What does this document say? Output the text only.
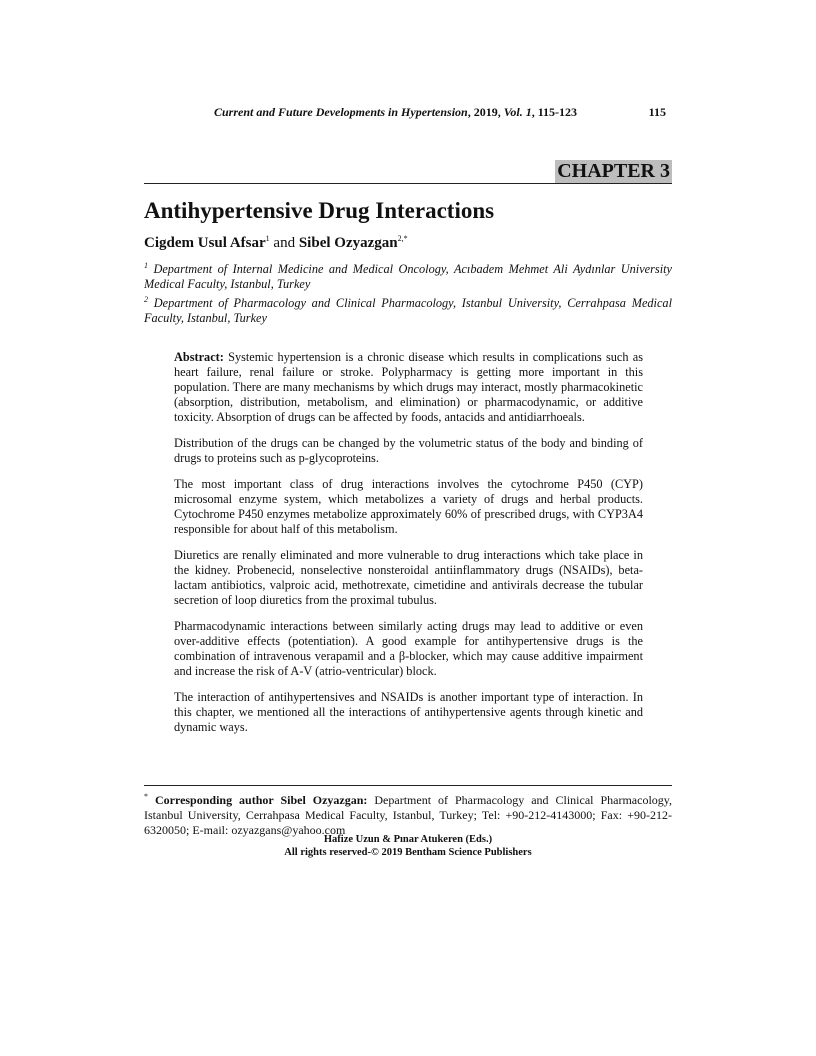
Current and Future Developments in Hypertension, 2019, Vol. 1, 115-123	115
CHAPTER 3
Antihypertensive Drug Interactions
Cigdem Usul Afsar$^1$ and Sibel Ozyazgan$^{2,*}$
$^1$ Department of Internal Medicine and Medical Oncology, Acıbadem Mehmet Ali Aydınlar University Medical Faculty, Istanbul, Turkey
$^2$ Department of Pharmacology and Clinical Pharmacology, Istanbul University, Cerrahpasa Medical Faculty, Istanbul, Turkey

Abstract: Systemic hypertension is a chronic disease which results in complications such as heart failure, renal failure or stroke. Polypharmacy is getting more important in this population. There are many mechanisms by which drugs may interact, mostly pharmacokinetic (absorption, distribution, metabolism, and elimination) or pharmacodynamic, or additive toxicity. Absorption of drugs can be affected by foods, antacids and antidiarrhoeals.

Distribution of the drugs can be changed by the volumetric status of the body and binding of drugs to proteins such as p-glycoproteins.

The most important class of drug interactions involves the cytochrome P450 (CYP) microsomal enzyme system, which metabolizes a variety of drugs and herbal products. Cytochrome P450 enzymes metabolize approximately 60% of prescribed drugs, with CYP3A4 responsible for about half of this metabolism.

Diuretics are renally eliminated and more vulnerable to drug interactions which take place in the kidney. Probenecid, nonselective nonsteroidal antiinflammatory drugs (NSAIDs), beta-lactam antibiotics, valproic acid, methotrexate, cimetidine and antivirals decrease the tubular secretion of loop diuretics from the proximal tubulus.

Pharmacodynamic interactions between similarly acting drugs may lead to additive or even over-additive effects (potentiation). A good example for antihypertensive drugs is the combination of intravenous verapamil and a β-blocker, which may cause additive impairment and increase the risk of A-V (atrio-ventricular) block.

The interaction of antihypertensives and NSAIDs is another important type of interaction. In this chapter, we mentioned all the interactions of antihypertensive agents through kinetic and dynamic ways.

* Corresponding author Sibel Ozyazgan: Department of Pharmacology and Clinical Pharmacology, Istanbul University, Cerrahpasa Medical Faculty, Istanbul, Turkey; Tel: +90-212-4143000; Fax: +90-212-6320050; E-mail: ozyazgans@yahoo.com
Hafize Uzun & Pınar Atukeren (Eds.)
All rights reserved-© 2019 Bentham Science Publishers
